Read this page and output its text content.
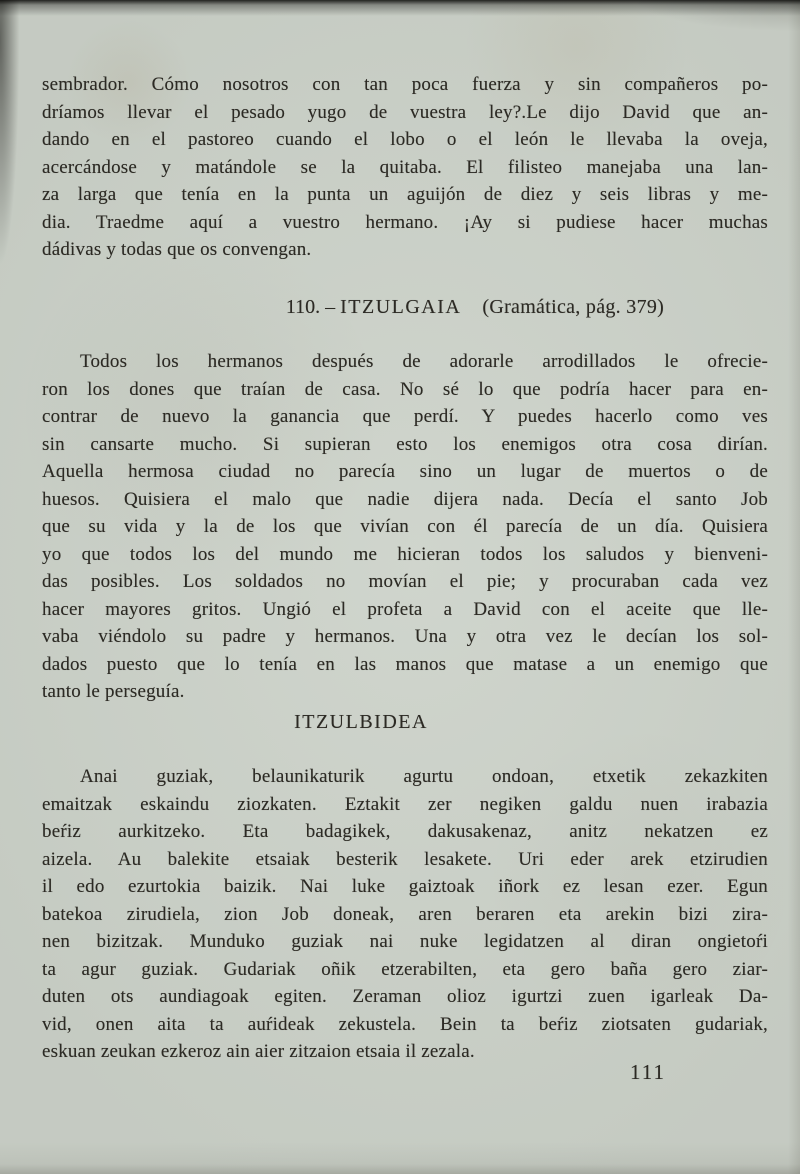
sembrador. Cómo nosotros con tan poca fuerza y sin compañeros po-
dríamos llevar el pesado yugo de vuestra ley?.Le dijo David que an-
dando en el pastoreo cuando el lobo o el león le llevaba la oveja,
acercándose y matándole se la quitaba. El filisteo manejaba una lan-
za larga que tenía en la punta un aguijón de diez y seis libras y me-
dia. Traedme aquí a vuestro hermano. ¡Ay si pudiese hacer muchas
dádivas y todas que os convengan.
110. – ITZULGAIA (Gramática, pág. 379)
Todos los hermanos después de adorarle arrodillados le ofrecie-
ron los dones que traían de casa. No sé lo que podría hacer para en-
contrar de nuevo la ganancia que perdí. Y puedes hacerlo como ves
sin cansarte mucho. Si supieran esto los enemigos otra cosa dirían.
Aquella hermosa ciudad no parecía sino un lugar de muertos o de
huesos. Quisiera el malo que nadie dijera nada. Decía el santo Job
que su vida y la de los que vivían con él parecía de un día. Quisiera
yo que todos los del mundo me hicieran todos los saludos y bienveni-
das posibles. Los soldados no movían el pie; y procuraban cada vez
hacer mayores gritos. Ungió el profeta a David con el aceite que lle-
vaba viéndolo su padre y hermanos. Una y otra vez le decían los sol-
dados puesto que lo tenía en las manos que matase a un enemigo que
tanto le perseguía.
ITZULBIDEA
Anai guziak, belaunikaturik agurtu ondoan, etxetik zekazkiten
emaitzak eskaindu ziozkaten. Eztakit zer negiken galdu nuen irabazia
beŕiz aurkitzeko. Eta badagikek, dakusakenaz, anitz nekatzen ez
aizela. Au balekite etsaiak besterik lesakete. Uri eder arek etzirudien
il edo ezurtokia baizik. Nai luke gaiztoak iñork ez lesan ezer. Egun
batekoa zirudiela, zion Job doneak, aren beraren eta arekin bizi zira-
nen bizitzak. Munduko guziak nai nuke legidatzen al diran ongietoŕi
ta agur guziak. Gudariak oñik etzerabilten, eta gero baña gero ziar-
duten ots aundiagoak egiten. Zeraman olioz igurtzi zuen igarleak Da-
vid, onen aita ta auŕideak zekustela. Bein ta beŕiz ziotsaten gudariak,
eskuan zeukan ezkeroz ain aier zitzaion etsaia il zezala.
111
